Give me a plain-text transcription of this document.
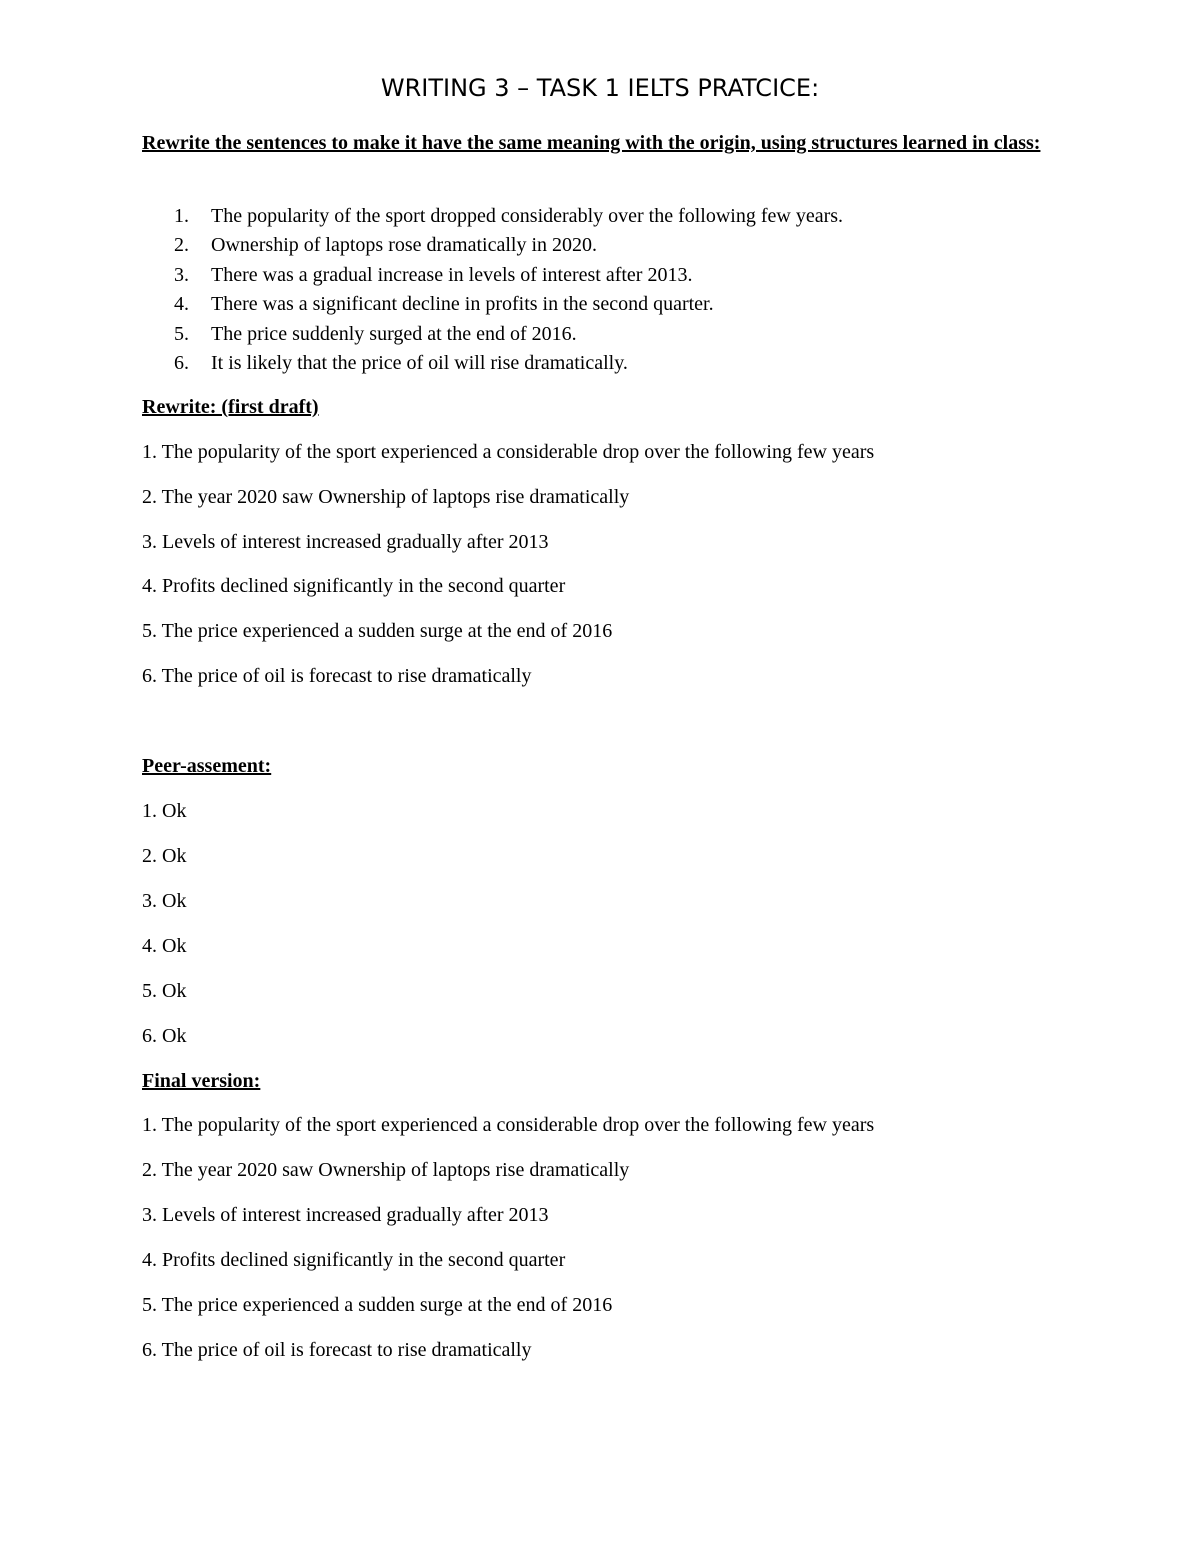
WRITING 3 – TASK 1 IELTS PRATCICE:

Rewrite the sentences to make it have the same meaning with the origin, using structures learned in class:

1.	The popularity of the sport dropped considerably over the following few years.
2.	Ownership of laptops rose dramatically in 2020.
3.	There was a gradual increase in levels of interest after 2013.
4.	There was a significant decline in profits in the second quarter.
5.	The price suddenly surged at the end of 2016.
6.	It is likely that the price of oil will rise dramatically.

Rewrite: (first draft)

1. The popularity of the sport experienced a considerable drop over the following few years

2. The year 2020 saw Ownership of laptops rise dramatically

3. Levels of interest increased gradually after 2013

4. Profits declined significantly in the second quarter

5. The price experienced a sudden surge at the end of 2016

6. The price of oil is forecast to rise dramatically

Peer-assement:

1. Ok

2. Ok

3. Ok

4. Ok

5. Ok

6. Ok

Final version:

1. The popularity of the sport experienced a considerable drop over the following few years

2. The year 2020 saw Ownership of laptops rise dramatically

3. Levels of interest increased gradually after 2013

4. Profits declined significantly in the second quarter

5. The price experienced a sudden surge at the end of 2016

6. The price of oil is forecast to rise dramatically
